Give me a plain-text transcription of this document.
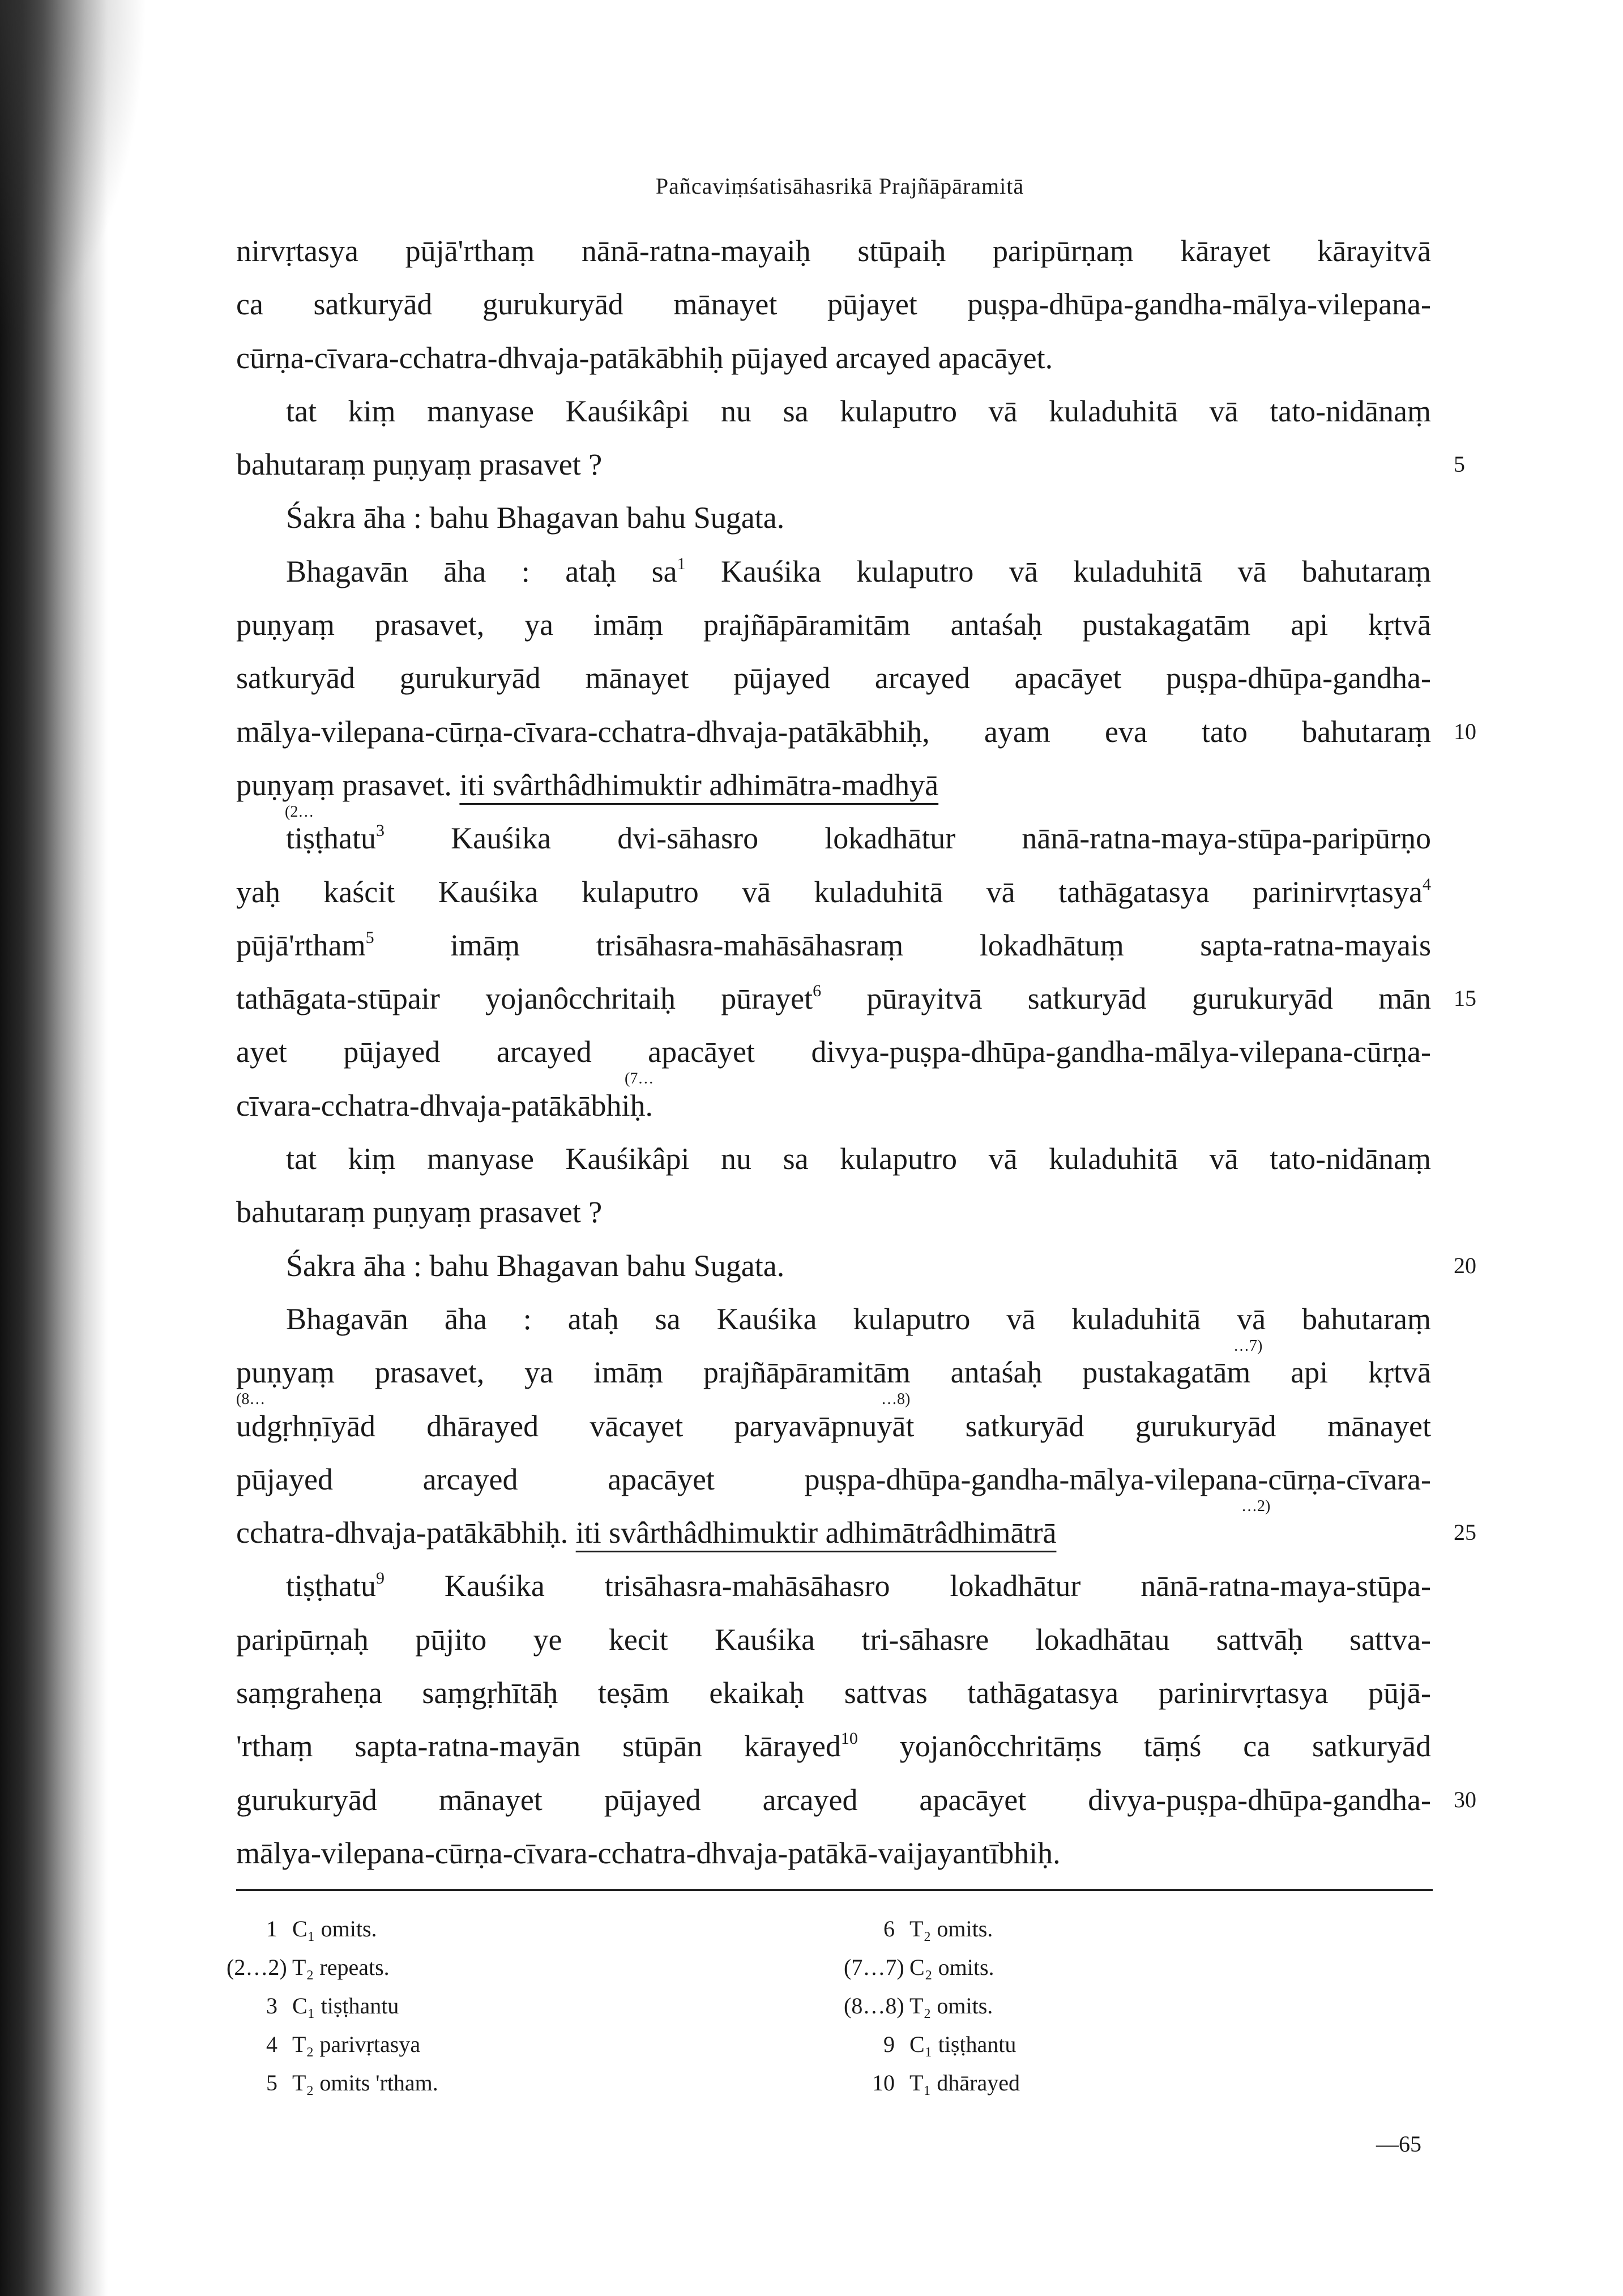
Pañcaviṃśatisāhasrikā Prajñāpāramitā
nirvṛtasya pūjā'rthaṃ nānā-ratna-mayaiḥ stūpaiḥ paripūrṇaṃ kārayet kārayitvā
ca satkuryād gurukuryād mānayet pūjayet puṣpa-dhūpa-gandha-mālya-vilepana-
cūrṇa-cīvara-cchatra-dhvaja-patākābhiḥ pūjayed arcayed apacāyet.
tat kiṃ manyase Kauśikâpi nu sa kulaputro vā kuladuhitā vā tato-nidānaṃ
bahutaraṃ puṇyaṃ prasavet ?	5
Śakra āha : bahu Bhagavan bahu Sugata.
Bhagavān āha : ataḥ $sa^1$ Kauśika kulaputro vā kuladuhitā vā bahutaraṃ
puṇyaṃ prasavet, ya imāṃ prajñāpāramitām antaśaḥ pustakagatām api kṛtvā
satkuryād gurukuryād mānayet pūjayed arcayed apacāyet puṣpa-dhūpa-gandha-
mālya-vilepana-cūrṇa-cīvara-cchatra-dhvaja-patākābhiḥ, ayam eva tato bahutaraṃ 10
puṇyaṃ prasavet. iti svârthâdhimuktir adhimātra-madhyā
tiṣṭhatu$^3$ Kauśika dvi-sāhasro lokadhātur nānā-ratna-maya-stūpa-paripūrṇo
yaḥ kaścit Kauśika kulaputro vā kuladuhitā vā tathāgatasya parinirvṛtasya$^4$
pūjā'rtham$^5$ imāṃ trisāhasra-mahāsāhasraṃ lokadhātuṃ sapta-ratna-mayais
tathāgata-stūpair yojanôcchritaiḥ pūrayet$^6$ pūrayitvā satkuryād gurukuryād mān 15
ayet pūjayed arcayed apacāyet divya-puṣpa-dhūpa-gandha-mālya-vilepana-cūrṇa-
cīvara-cchatra-dhvaja-patākābhiḥ.
tat kiṃ manyase Kauśikâpi nu sa kulaputro vā kuladuhitā vā tato-nidānaṃ
bahutaraṃ puṇyaṃ prasavet ?
Śakra āha : bahu Bhagavan bahu Sugata.	20
Bhagavān āha : ataḥ sa Kauśika kulaputro vā kuladuhitā vā bahutaraṃ
puṇyaṃ prasavet, ya imāṃ prajñāpāramitām antaśaḥ pustakagatām api kṛtvā
udgṛhṇīyād dhārayed vācayet paryavāpnuyāt satkuryād gurukuryād mānayet
pūjayed arcayed apacāyet puṣpa-dhūpa-gandha-mālya-vilepana-cūrṇa-cīvara-
cchatra-dhvaja-patākābhiḥ. iti svârthâdhimuktir adhimātrâdhimātrā	25
tiṣṭhatu$^9$ Kauśika trisāhasra-mahāsāhasro lokadhātur nānā-ratna-maya-stūpa-
paripūrṇaḥ pūjito ye kecit Kauśika tri-sāhasre lokadhātau sattvāḥ sattva-
saṃgraheṇa saṃgṛhītāḥ teṣām ekaikaḥ sattvas tathāgatasya parinirvṛtasya pūjā-
'rthaṃ sapta-ratna-mayān stūpān kārayed$^{10}$ yojanôcchritāṃs tāṃś ca satkuryād
gurukuryād mānayet pūjayed arcayed apacāyet divya-puṣpa-dhūpa-gandha- 30
mālya-vilepana-cūrṇa-cīvara-cchatra-dhvaja-patākā-vaijayantībhiḥ.
(2…
(7…
…7)
(8…	…8)
…2)
1 C₁ omits.
(2…2) T₂ repeats.
3 C₁ tiṣṭhantu
4 T₂ parivṛtasya
5 T₂ omits 'rtham.
6 T₂ omits.
(7…7) C₂ omits.
(8…8) T₂ omits.
9 C₁ tiṣṭhantu
10 T₁ dhārayed
—65
